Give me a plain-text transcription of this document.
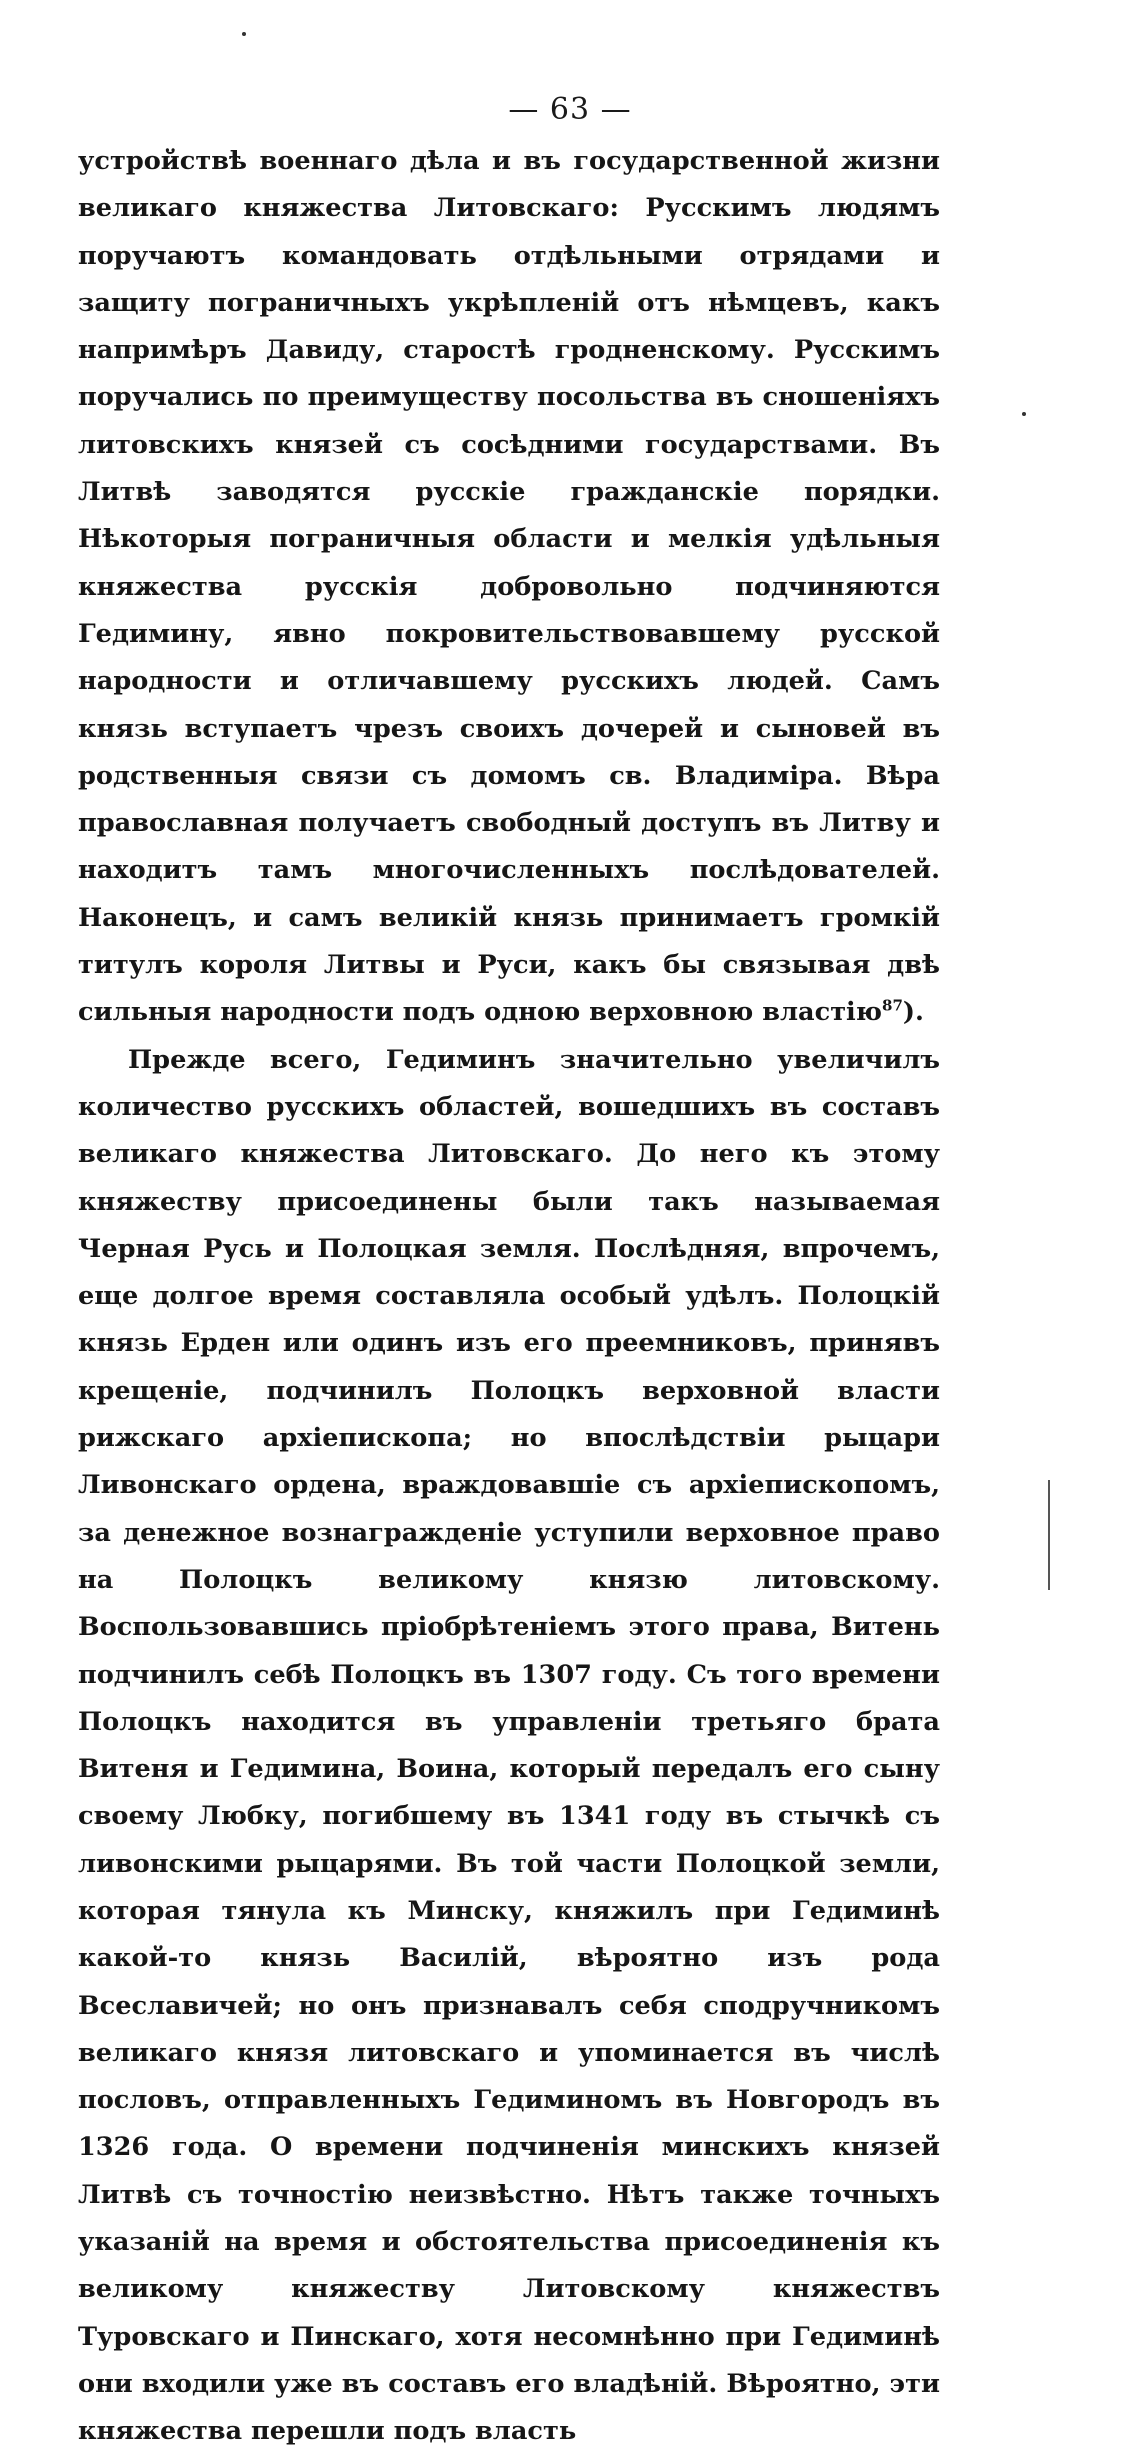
— 63 —

устройствѣ военнаго дѣла и въ государственной жизни великаго княжества Литовскаго: Русскимъ людямъ поручаютъ командовать отдѣльными отрядами и защиту пограничныхъ укрѣпленій отъ нѣмцевъ, какъ напримѣръ Давиду, старостѣ гродненскому. Русскимъ поручались по преимуществу посольства въ сношеніяхъ литовскихъ князей съ сосѣдними государствами. Въ Литвѣ заводятся русскіе гражданскіе порядки. Нѣкоторыя пограничныя области и мелкія удѣльныя княжества русскія добровольно подчиняются Гедимину, явно покровительствовавшему русской народности и отличавшему русскихъ людей. Самъ князь вступаетъ чрезъ своихъ дочерей и сыновей въ родственныя связи съ домомъ св. Владиміра. Вѣра православная получаетъ свободный доступъ въ Литву и находитъ тамъ многочисленныхъ послѣдователей. Наконецъ, и самъ великій князь принимаетъ громкій титулъ короля Литвы и Руси, какъ бы связывая двѣ сильныя народности подъ одною верховною властію$^{87}$).

Прежде всего, Гедиминъ значительно увеличилъ количество русскихъ областей, вошедшихъ въ составъ великаго княжества Литовскаго. До него къ этому княжеству присоединены были такъ называемая Черная Русь и Полоцкая земля. Послѣдняя, впрочемъ, еще долгое время составляла особый удѣлъ. Полоцкій князь Ерден или одинъ изъ его преемниковъ, принявъ крещеніе, подчинилъ Полоцкъ верховной власти рижскаго архіепископа; но впослѣдствіи рыцари Ливонскаго ордена, враждовавшіе съ архіепископомъ, за денежное вознагражденіе уступили верховное право на Полоцкъ великому князю литовскому. Воспользовавшись пріобрѣтеніемъ этого права, Витень подчинилъ себѣ Полоцкъ въ 1307 году. Съ того времени Полоцкъ находится въ управленіи третьяго брата Витеня и Гедимина, Воина, который передалъ его сыну своему Любку, погибшему въ 1341 году въ стычкѣ съ ливонскими рыцарями. Въ той части Полоцкой земли, которая тянула къ Минску, княжилъ при Гедиминѣ какой-то князь Василій, вѣроятно изъ рода Всеславичей; но онъ признавалъ себя сподручникомъ великаго князя литовскаго и упоминается въ числѣ пословъ, отправленныхъ Гедиминомъ въ Новгородъ въ 1326 года. О времени подчиненія минскихъ князей Литвѣ съ точностію неизвѣстно. Нѣтъ также точныхъ указаній на время и обстоятельства присоединенія къ великому княжеству Литовскому княжествъ Туровскаго и Пинскаго, хотя несомнѣнно при Гедиминѣ они входили уже въ составъ его владѣній. Вѣроятно, эти княжества перешли подъ власть
